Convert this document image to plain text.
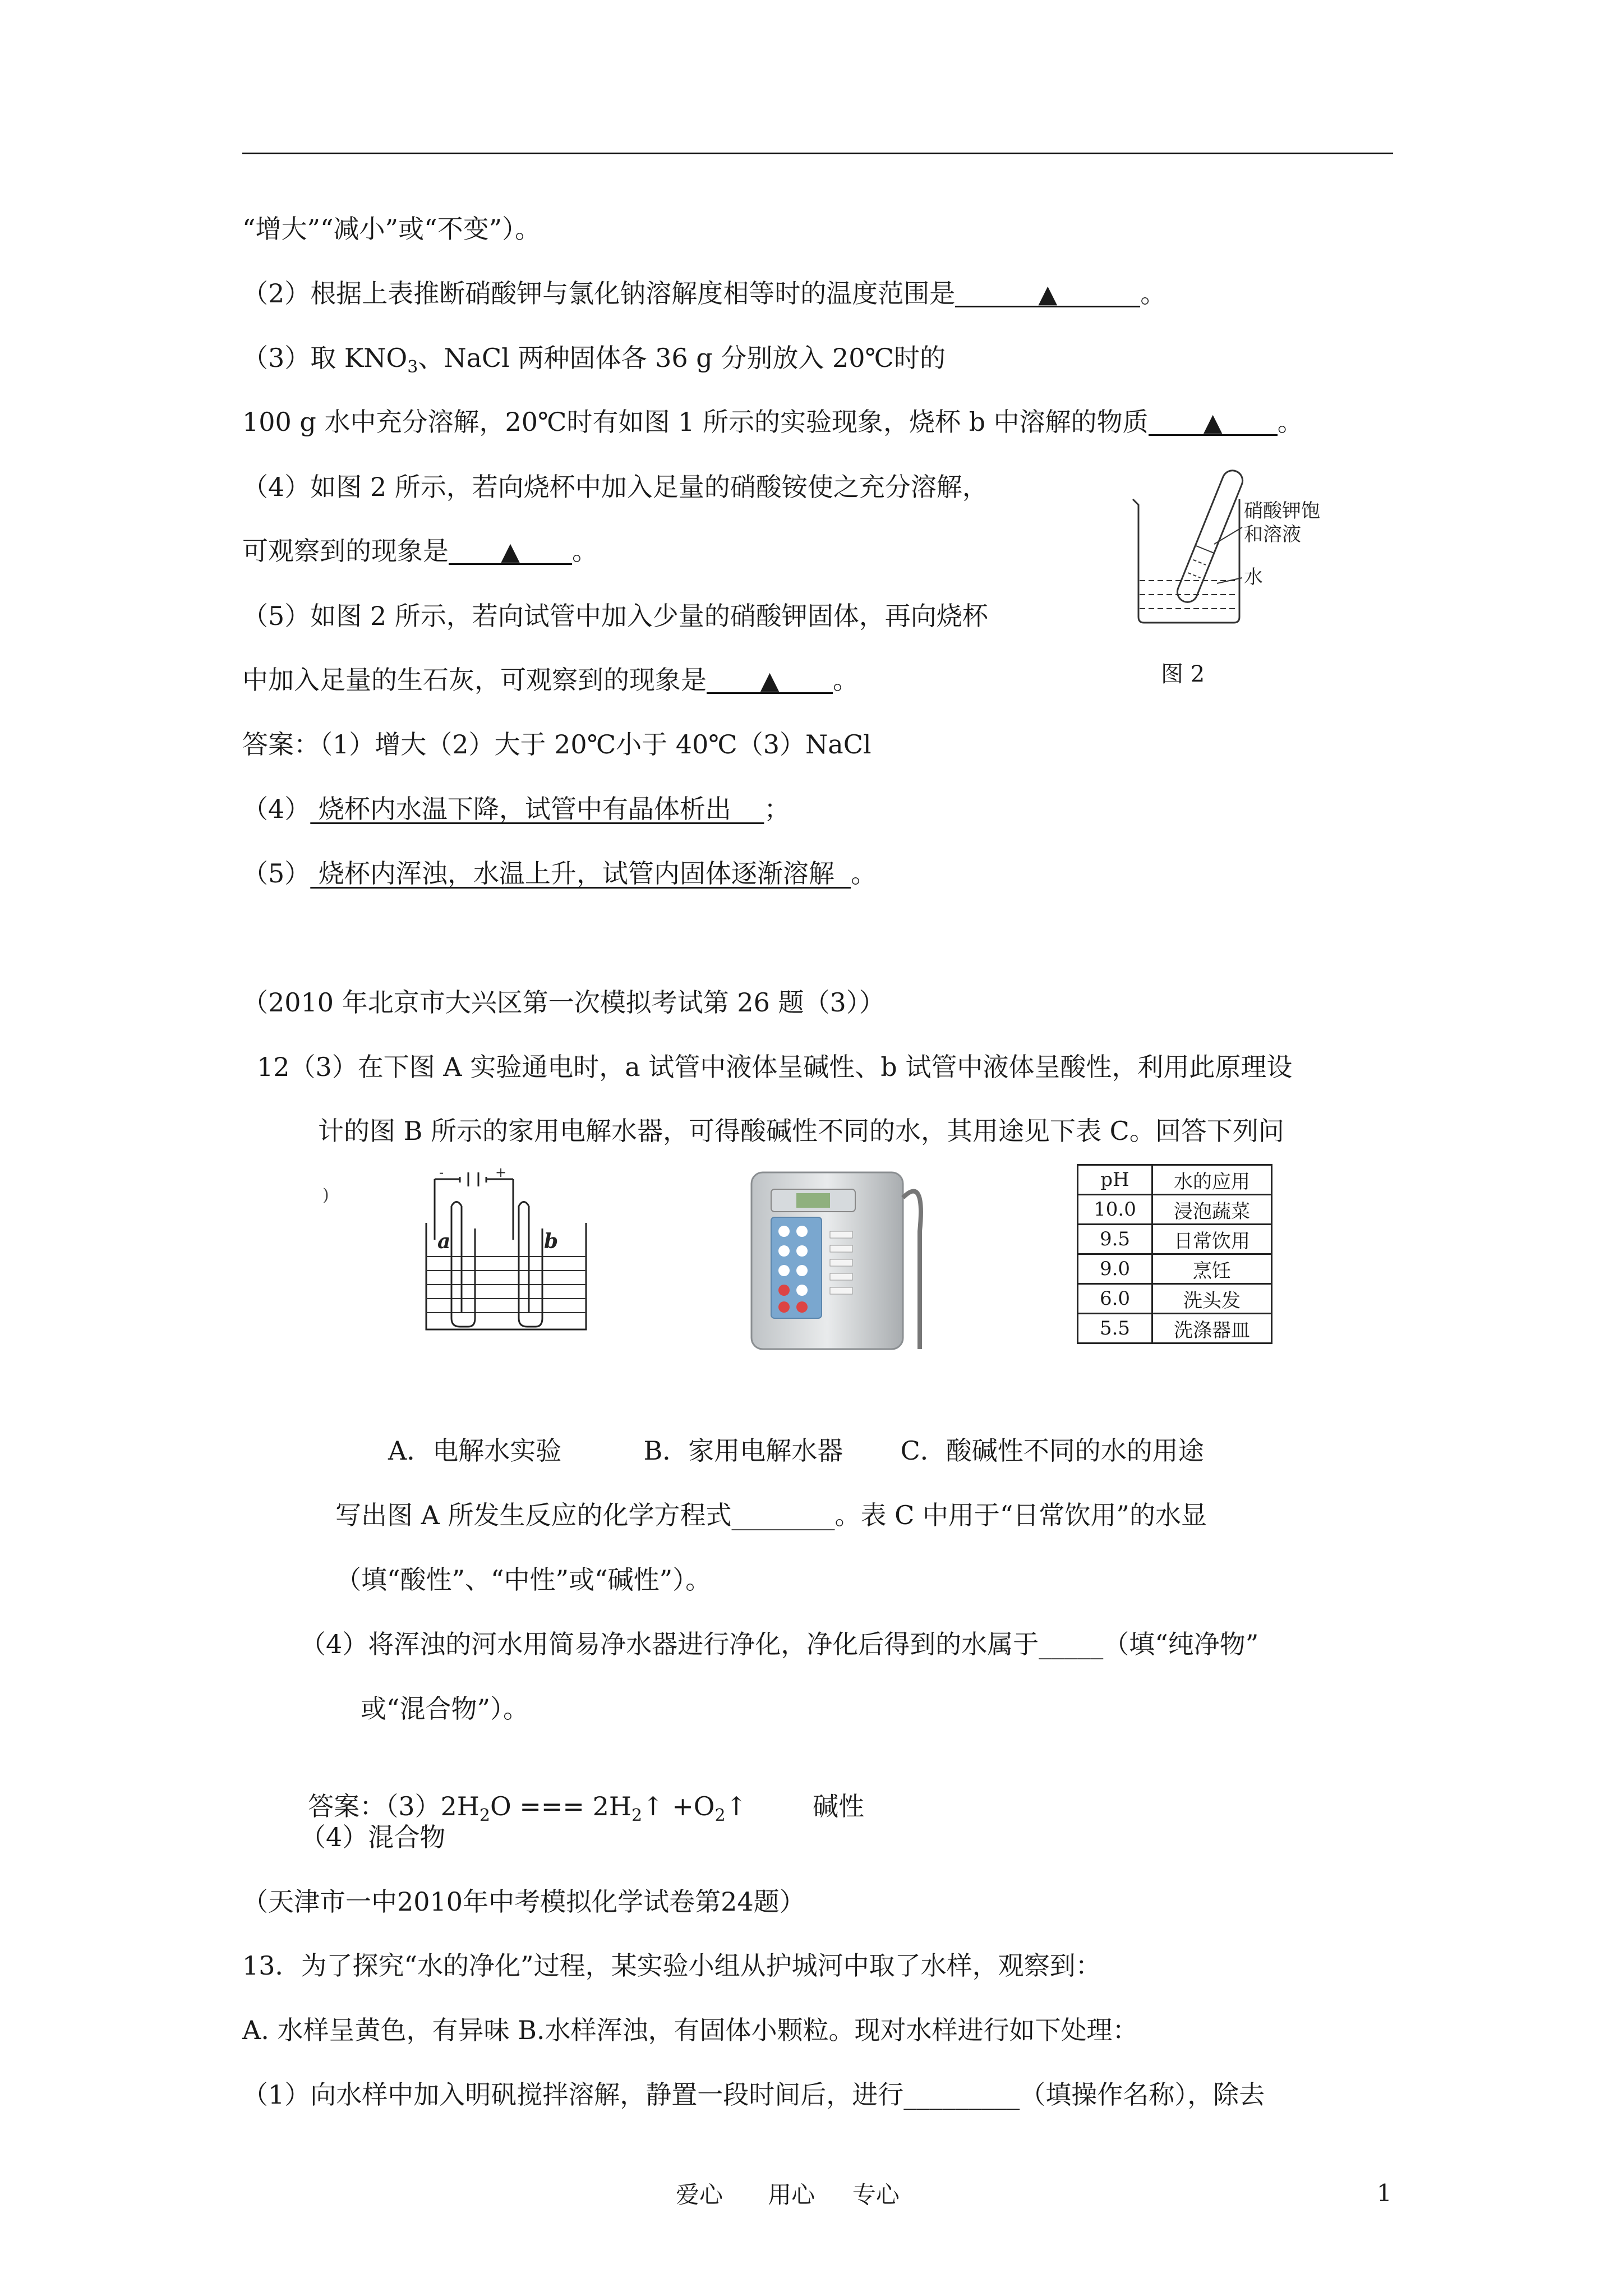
“增大”“减小”或“不变”）。
（2）根据上表推断硝酸钾与氯化钠溶解度相等时的温度范围是	▲	。
（3）取 $KNO_3$、NaCl 两种固体各 36 g 分别放入 20℃时的
100 g 水中充分溶解，20℃时有如图 1 所示的实验现象，烧杯 b 中溶解的物质 ▲ 。
（4）如图 2 所示，若向烧杯中加入足量的硝酸铵使之充分溶解，
可观察到的现象是 ▲ 。
（5）如图 2 所示，若向试管中加入少量的硝酸钾固体，再向烧杯
中加入足量的生石灰，可观察到的现象是 ▲ 。
硝酸钾饱
和溶液
水
图 2
答案：（1）增大（2）大于 20℃小于 40℃（3）NaCl
（4） 烧杯内水温下降，试管中有晶体析出    ；
（5） 烧杯内浑浊，水温上升，试管内固体逐渐溶解  。
（2010 年北京市大兴区第一次模拟考试第 26 题（3））
12（3）在下图 A 实验通电时，a 试管中液体呈碱性、b 试管中液体呈酸性，利用此原理设
计的图 B 所示的家用电解水器，可得酸碱性不同的水，其用途见下表 C。回答下列问
)
-	+
a	b
pH	水的应用
10.0	浸泡蔬菜
9.5	日常饮用
9.0	烹饪
6.0	洗头发
5.5	洗涤器皿
A．电解水实验          B．家用电解水器       C．酸碱性不同的水的用途
写出图 A 所发生反应的化学方程式________。表 C 中用于“日常饮用”的水显
（填“酸性”、“中性”或“碱性”）。
（4）将浑浊的河水用简易净水器进行净化，净化后得到的水属于_____（填“纯净物”
或“混合物”）。

答案：$(3)2H_2O$ === $2H_2↑$ $+O_2↑$        碱性

（4）混合物
（天津市一中2010年中考模拟化学试卷第24题）
13．为了探究“水的净化”过程，某实验小组从护城河中取了水样，观察到：
A. 水样呈黄色，有异味 B.水样浑浊，有固体小颗粒。现对水样进行如下处理：
（1）向水样中加入明矾搅拌溶解，静置一段时间后，进行_________（填操作名称），除去
爱心      用心     专心	1
